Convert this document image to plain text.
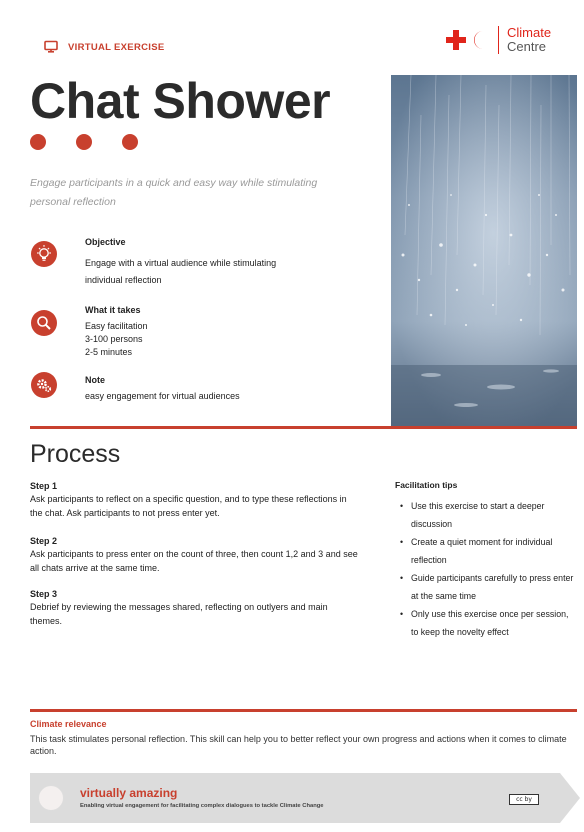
VIRTUAL EXERCISE
Climate
Centre
Chat Shower
Engage participants in a quick and easy way while stimulating personal reflection
Objective
Engage with a virtual audience while stimulating
individual reflection
What it takes
Easy facilitation
3-100 persons
2-5 minutes
Note
easy engagement for virtual audiences
Process
Step 1
Ask participants to reflect on a specific question, and to type these reflections in the chat. Ask participants to not press enter yet.
Step 2
Ask participants to press enter on the count of three, then count 1,2 and 3 and see all chats arrive at the same time.
Step 3
Debrief by reviewing the messages shared, reflecting on outlyers and main themes.
Facilitation tips
• Use this exercise to start a deeper discussion
• Create a quiet moment for individual reflection
• Guide participants carefully to press enter at the same time
• Only use this exercise once per session, to keep the novelty effect
Climate relevance
This task stimulates personal reflection. This skill can help you to better reflect your own progress and actions when it comes to climate action.
virtually amazing
Enabling virtual engagement for facilitating complex dialogues to tackle Climate Change
cc by
